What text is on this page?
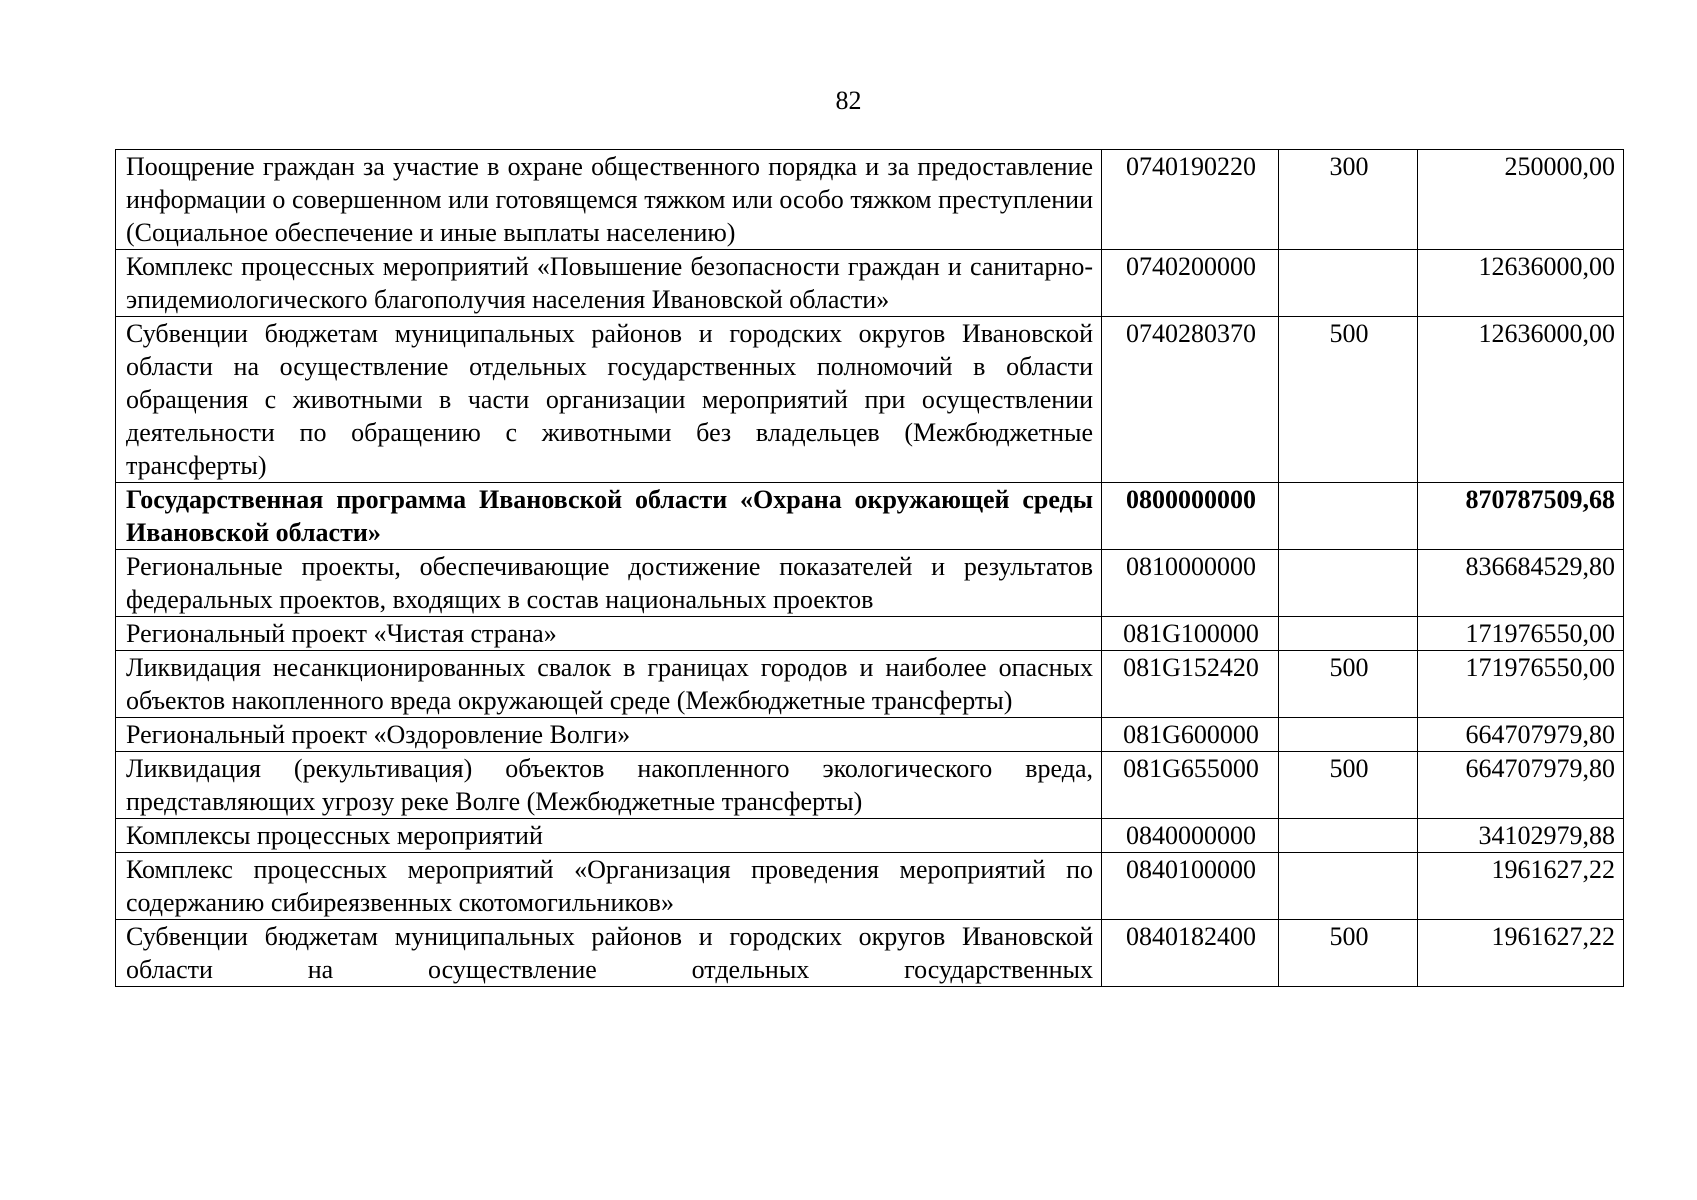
82
Поощрение граждан за участие в охране общественного порядка и за предоставление информации о совершенном или готовящемся тяжком или особо тяжком преступлении (Социальное обеспечение и иные выплаты населению)	0740190220	300	250000,00
Комплекс процессных мероприятий «Повышение безопасности граждан и санитарно-эпидемиологического благополучия населения Ивановской области»	0740200000		12636000,00
Субвенции бюджетам муниципальных районов и городских округов Ивановской области на осуществление отдельных государственных полномочий в области обращения с животными в части организации мероприятий при осуществлении деятельности по обращению с животными без владельцев (Межбюджетные трансферты)	0740280370	500	12636000,00
Государственная программа Ивановской области «Охрана окружающей среды Ивановской области»	0800000000		870787509,68
Региональные проекты, обеспечивающие достижение показателей и результатов федеральных проектов, входящих в состав национальных проектов	0810000000		836684529,80
Региональный проект «Чистая страна»	081G100000		171976550,00
Ликвидация несанкционированных свалок в границах городов и наиболее опасных объектов накопленного вреда окружающей среде (Межбюджетные трансферты)	081G152420	500	171976550,00
Региональный проект «Оздоровление Волги»	081G600000		664707979,80
Ликвидация (рекультивация) объектов накопленного экологического вреда, представляющих угрозу реке Волге (Межбюджетные трансферты)	081G655000	500	664707979,80
Комплексы процессных мероприятий	0840000000		34102979,88
Комплекс процессных мероприятий «Организация проведения мероприятий по содержанию сибиреязвенных скотомогильников»	0840100000		1961627,22
Субвенции бюджетам муниципальных районов и городских округов Ивановской области на осуществление отдельных государственных	0840182400	500	1961627,22
